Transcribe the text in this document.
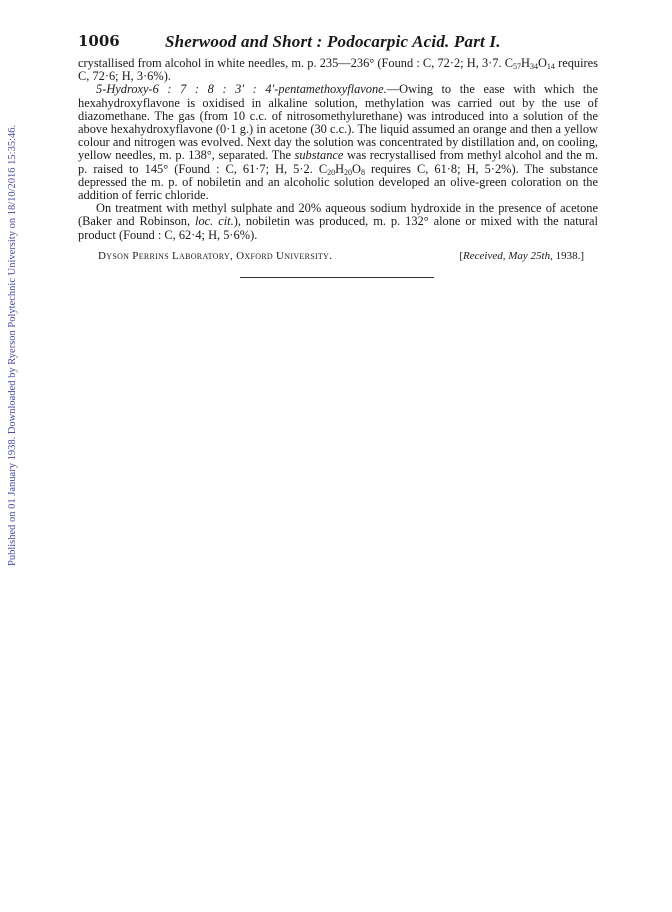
1006	Sherwood and Short : Podocarpic Acid. Part I.

crystallised from alcohol in white needles, m. p. 235—236° (Found : C, 72·2; H, 3·7. $C_{57}H_{34}O_{14}$ requires C, 72·6; H, 3·6%).

5-Hydroxy-6 : 7 : 8 : 3′ : 4′-pentamethoxyflavone.—Owing to the ease with which the hexahydroxyflavone is oxidised in alkaline solution, methylation was carried out by the use of diazomethane. The gas (from 10 c.c. of nitrosomethylurethane) was introduced into a solution of the above hexahydroxyflavone (0·1 g.) in acetone (30 c.c.). The liquid assumed an orange and then a yellow colour and nitrogen was evolved. Next day the solution was concentrated by distillation and, on cooling, yellow needles, m. p. 138°, separated. The substance was recrystallised from methyl alcohol and the m. p. raised to 145° (Found : C, 61·7; H, 5·2. $C_{20}H_{20}O_8$ requires C, 61·8; H, 5·2%). The substance depressed the m. p. of nobiletin and an alcoholic solution developed an olive-green coloration on the addition of ferric chloride.

On treatment with methyl sulphate and 20% aqueous sodium hydroxide in the presence of acetone (Baker and Robinson, loc. cit.), nobiletin was produced, m. p. 132° alone or mixed with the natural product (Found : C, 62·4; H, 5·6%).

Dyson Perrins Laboratory, Oxford University.	[Received, May 25th, 1938.]
Published on 01 January 1938. Downloaded by Ryerson Polytechnic University on 18/10/2016 15:35:46.
